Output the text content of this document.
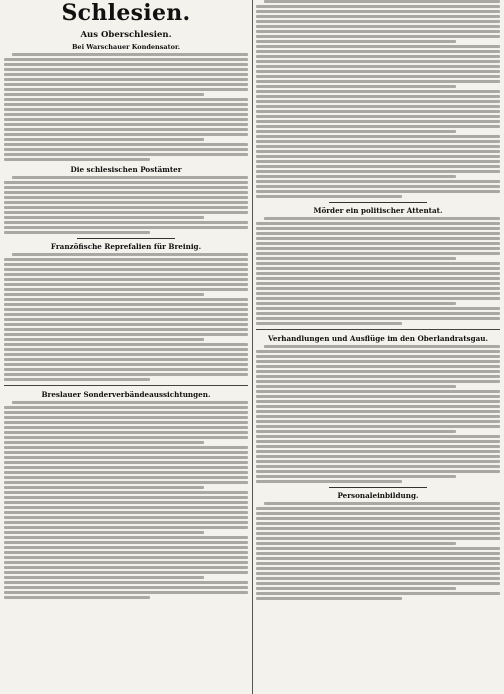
Schlesien.
Aus Oberschlesien.
Bei Warschauer Kondensator.
Die schlesischen Postämter
Franzöfische Reprefalien für Breinig.
Breslauer Sonderverbändeaussichtungen.
Mörder ein politischer Attentat.
Verhandlungen und Ausflüge im den Oberlandratsgau.
Personaleinbildung.
